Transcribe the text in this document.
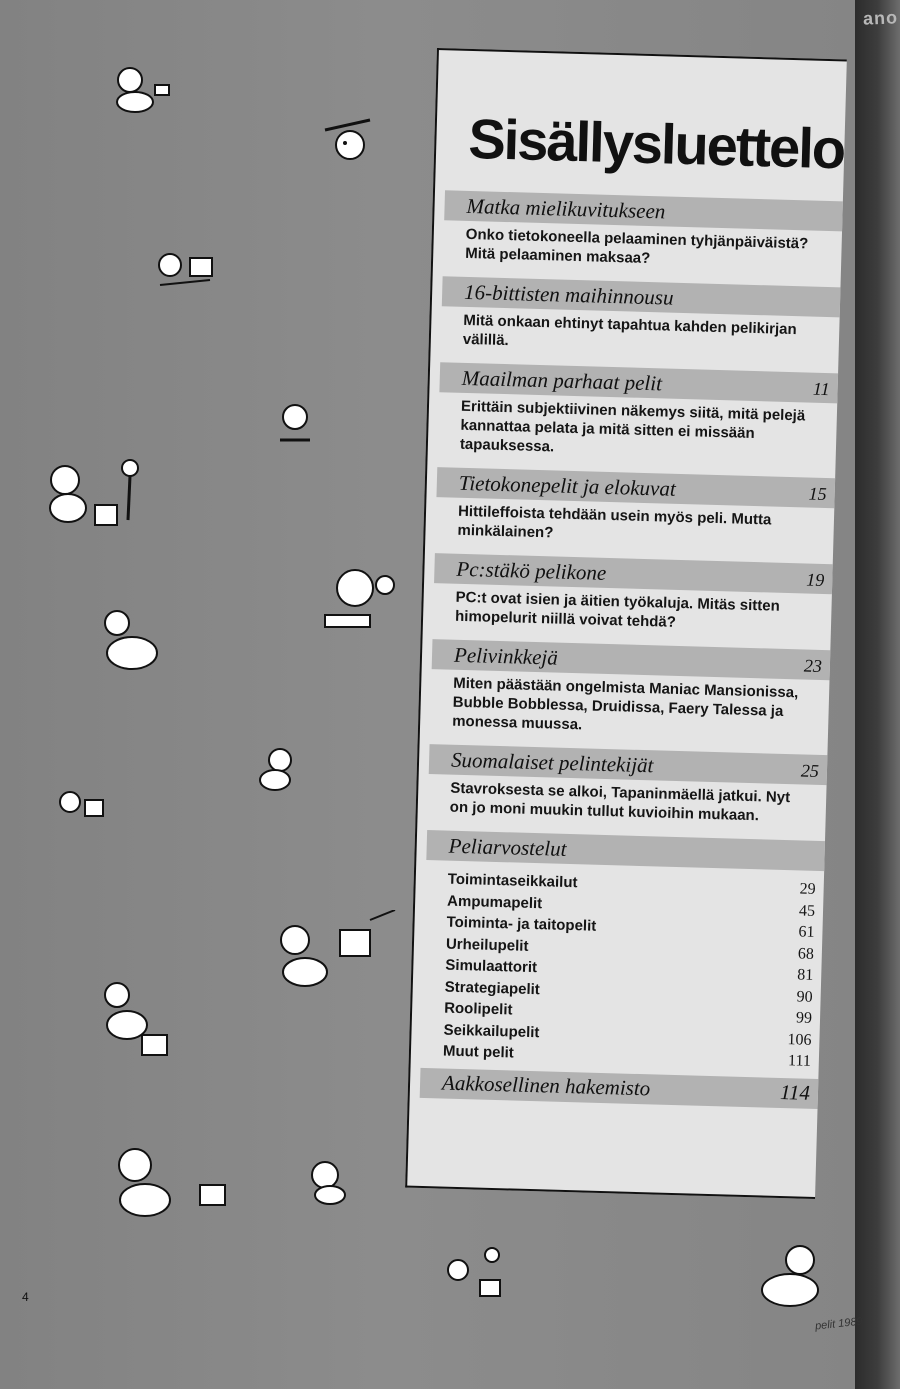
ano
4
pelit 1989
Sisällysluettelo
Matka mielikuvitukseen
Onko tietokoneella pelaaminen tyhjänpäiväistä? Mitä pelaaminen maksaa?
16-bittisten maihinnousu
Mitä onkaan ehtinyt tapahtua kahden pelikirjan välillä.
Maailman parhaat pelit	11
Erittäin subjektiivinen näkemys siitä, mitä pelejä kannattaa pelata ja mitä sitten ei missään tapauksessa.
Tietokonepelit ja elokuvat	15
Hittileffoista tehdään usein myös peli. Mutta minkälainen?
Pc:stäkö pelikone	19
PC:t ovat isien ja äitien työkaluja. Mitäs sitten himopelurit niillä voivat tehdä?
Pelivinkkejä	23
Miten päästään ongelmista Maniac Mansionissa, Bubble Bobblessa, Druidissa, Faery Talessa ja monessa muussa.
Suomalaiset pelintekijät	25
Stavroksesta se alkoi, Tapaninmäellä jatkui. Nyt on jo moni muukin tullut kuvioihin mukaan.
Peliarvostelut
Toimintaseikkailut	29
Ampumapelit	45
Toiminta- ja taitopelit	61
Urheilupelit	68
Simulaattorit	81
Strategiapelit	90
Roolipelit	99
Seikkailupelit	106
Muut pelit	111
Aakkosellinen hakemisto	114
